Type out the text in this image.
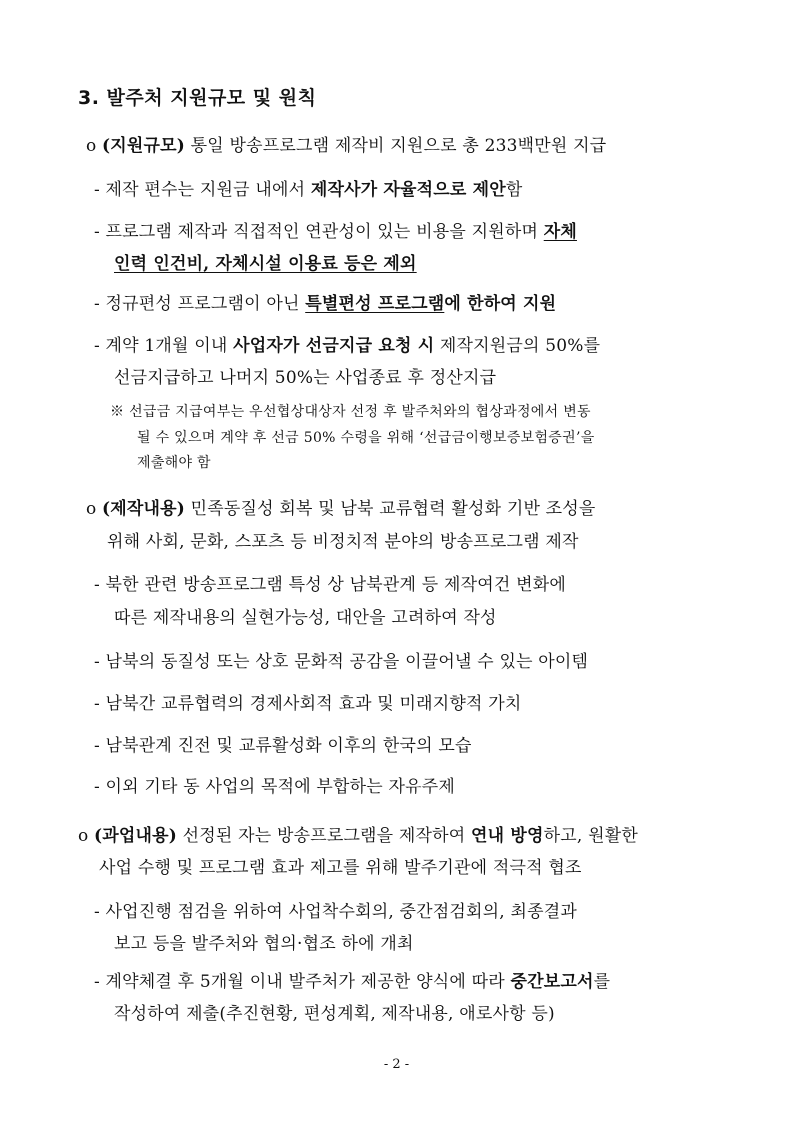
3. 발주처 지원규모 및 원칙
o (지원규모) 통일 방송프로그램 제작비 지원으로 총 233백만원 지급
- 제작 편수는 지원금 내에서 제작사가 자율적으로 제안함
- 프로그램 제작과 직접적인 연관성이 있는 비용을 지원하며 자체
인력 인건비, 자체시설 이용료 등은 제외
- 정규편성 프로그램이 아닌 특별편성 프로그램에 한하여 지원
- 계약 1개월 이내 사업자가 선금지급 요청 시 제작지원금의 50%를
선금지급하고 나머지 50%는 사업종료 후 정산지급
※ 선급금 지급여부는 우선협상대상자 선정 후 발주처와의 협상과정에서 변동
될 수 있으며 계약 후 선금 50% 수령을 위해 ‘선급금이행보증보험증권’을
제출해야 함
o (제작내용) 민족동질성 회복 및 남북 교류협력 활성화 기반 조성을
위해 사회, 문화, 스포츠 등 비정치적 분야의 방송프로그램 제작
- 북한 관련 방송프로그램 특성 상 남북관계 등 제작여건 변화에
따른 제작내용의 실현가능성, 대안을 고려하여 작성
- 남북의 동질성 또는 상호 문화적 공감을 이끌어낼 수 있는 아이템
- 남북간 교류협력의 경제사회적 효과 및 미래지향적 가치
- 남북관계 진전 및 교류활성화 이후의 한국의 모습
- 이외 기타 동 사업의 목적에 부합하는 자유주제
o (과업내용) 선정된 자는 방송프로그램을 제작하여 연내 방영하고, 원활한
사업 수행 및 프로그램 효과 제고를 위해 발주기관에 적극적 협조
- 사업진행 점검을 위하여 사업착수회의, 중간점검회의, 최종결과
보고 등을 발주처와 협의·협조 하에 개최
- 계약체결 후 5개월 이내 발주처가 제공한 양식에 따라 중간보고서를
작성하여 제출(추진현황, 편성계획, 제작내용, 애로사항 등)
- 2 -
